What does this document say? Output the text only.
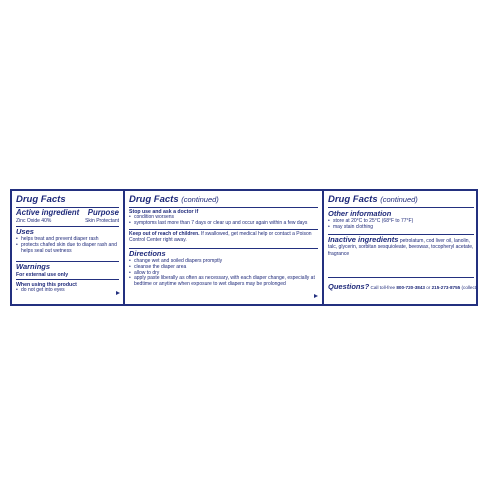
Drug Facts
Active ingredient Purpose
Zinc Oxide 40%	Skin Protectant
Uses
• helps treat and prevent diaper rash
• protects chafed skin due to diaper rash and helps seal out wetness
Warnings
For external use only
When using this product
• do not get into eyes
Drug Facts (continued)
Stop use and ask a doctor if
• condition worsens
• symptoms last more than 7 days or clear up and occur again within a few days
Keep out of reach of children. If swallowed, get medical help or contact a Poison Control Center right away.
Directions
• change wet and soiled diapers promptly
• cleanse the diaper area
• allow to dry
• apply paste liberally as often as necessary, with each diaper change, especially at bedtime or anytime when exposure to wet diapers may be prolonged
Drug Facts (continued)
Other information
• store at 20°C to 25°C (68°F to 77°F)
• may stain clothing
Inactive ingredients petrolatum, cod liver oil, lanolin, talc, glycerin, sorbitan sesquioleate, beeswax, tocopheryl acetate, fragrance
Questions? Call toll-free 800-720-3843 or 215-273-8755 (collect)
